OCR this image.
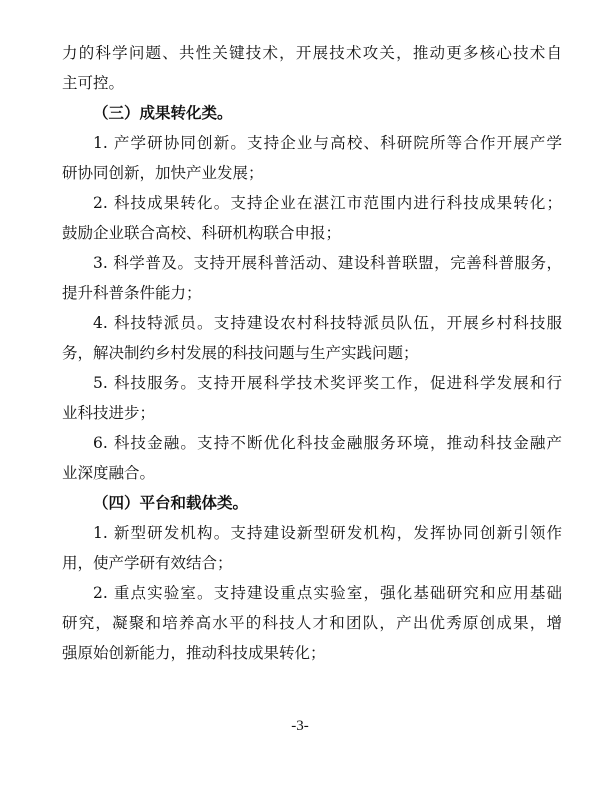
力的科学问题、共性关键技术，开展技术攻关，推动更多核心技术自
主可控。
（三）成果转化类。
1. 产学研协同创新。支持企业与高校、科研院所等合作开展产学
研协同创新，加快产业发展；
2. 科技成果转化。支持企业在湛江市范围内进行科技成果转化；
鼓励企业联合高校、科研机构联合申报；
3. 科学普及。支持开展科普活动、建设科普联盟，完善科普服务，
提升科普条件能力；
4. 科技特派员。支持建设农村科技特派员队伍，开展乡村科技服
务，解决制约乡村发展的科技问题与生产实践问题；
5. 科技服务。支持开展科学技术奖评奖工作，促进科学发展和行
业科技进步；
6. 科技金融。支持不断优化科技金融服务环境，推动科技金融产
业深度融合。
（四）平台和载体类。
1. 新型研发机构。支持建设新型研发机构，发挥协同创新引领作
用，使产学研有效结合；
2. 重点实验室。支持建设重点实验室，强化基础研究和应用基础
研究，凝聚和培养高水平的科技人才和团队，产出优秀原创成果，增
强原始创新能力，推动科技成果转化；
-3-
